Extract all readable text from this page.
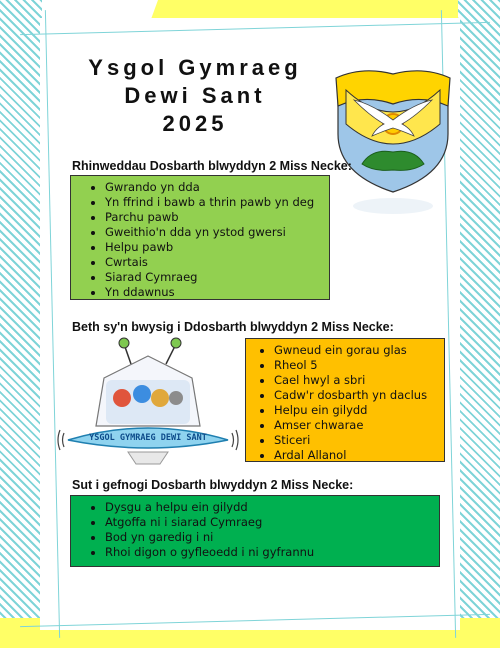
Ysgol Gymraeg
Dewi Sant
2025
Rhinweddau Dosbarth blwyddyn 2 Miss Necke:
Gwrando yn dda
Yn ffrind i bawb a thrin pawb yn deg
Parchu pawb
Gweithio'n dda yn ystod gwersi
Helpu pawb
Cwrtais
Siarad Cymraeg
Yn ddawnus
Beth sy'n bwysig i Ddosbarth blwyddyn 2 Miss Necke:
YSGOL GYMRAEG DEWI SANT
Gwneud ein gorau glas
Rheol 5
Cael hwyl a sbri
Cadw'r dosbarth yn daclus
Helpu ein gilydd
Amser chwarae
Sticeri
Ardal Allanol
Sut i gefnogi Dosbarth blwyddyn 2 Miss Necke:
Dysgu a helpu ein gilydd
Atgoffa ni i siarad Cymraeg
Bod yn garedig i ni
Rhoi digon o gyfleoedd i ni gyfrannu
